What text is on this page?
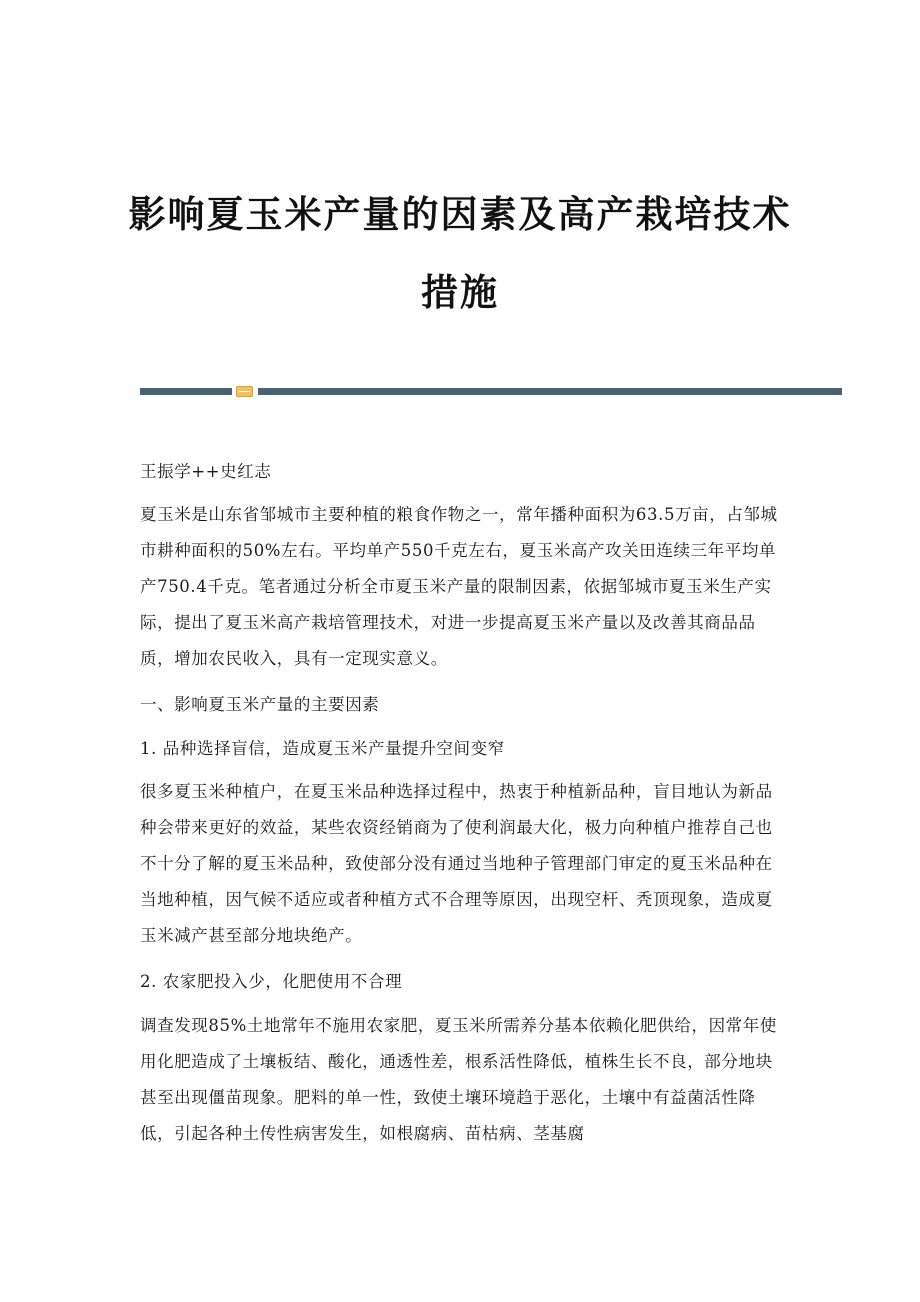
影响夏玉米产量的因素及高产栽培技术
措施

王振学++史红志

夏玉米是山东省邹城市主要种植的粮食作物之一，常年播种面积为63.5万亩，占邹城市耕种面积的50%左右。平均单产550千克左右，夏玉米高产攻关田连续三年平均单产750.4千克。笔者通过分析全市夏玉米产量的限制因素，依据邹城市夏玉米生产实际，提出了夏玉米高产栽培管理技术，对进一步提高夏玉米产量以及改善其商品品质，增加农民收入，具有一定现实意义。

一、影响夏玉米产量的主要因素

1. 品种选择盲信，造成夏玉米产量提升空间变窄

很多夏玉米种植户，在夏玉米品种选择过程中，热衷于种植新品种，盲目地认为新品种会带来更好的效益，某些农资经销商为了使利润最大化，极力向种植户推荐自己也不十分了解的夏玉米品种，致使部分没有通过当地种子管理部门审定的夏玉米品种在当地种植，因气候不适应或者种植方式不合理等原因，出现空杆、秃顶现象，造成夏玉米减产甚至部分地块绝产。

2. 农家肥投入少，化肥使用不合理

调查发现85%土地常年不施用农家肥，夏玉米所需养分基本依赖化肥供给，因常年使用化肥造成了土壤板结、酸化，通透性差，根系活性降低，植株生长不良，部分地块甚至出现僵苗现象。肥料的单一性，致使土壤环境趋于恶化，土壤中有益菌活性降低，引起各种土传性病害发生，如根腐病、苗枯病、茎基腐
